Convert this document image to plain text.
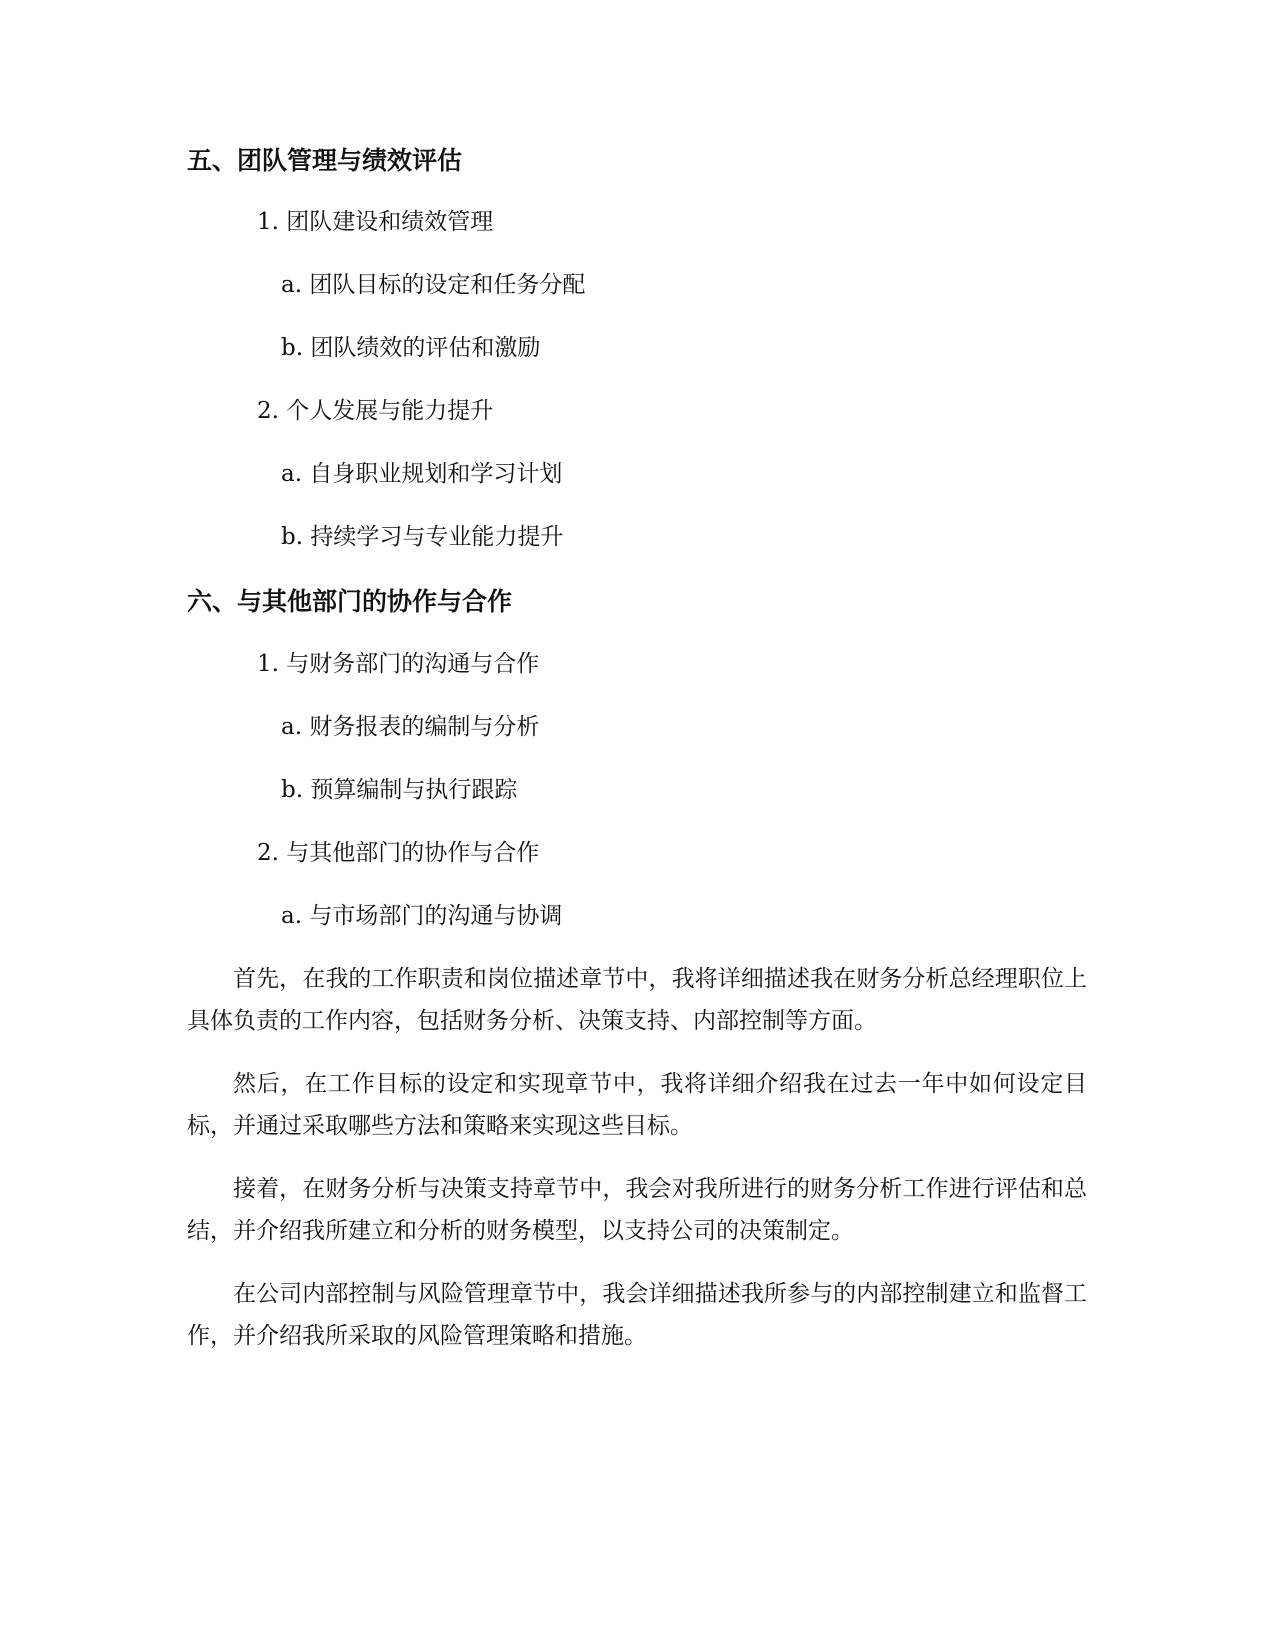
五、团队管理与绩效评估
1. 团队建设和绩效管理
a. 团队目标的设定和任务分配
b. 团队绩效的评估和激励
2. 个人发展与能力提升
a. 自身职业规划和学习计划
b. 持续学习与专业能力提升
六、与其他部门的协作与合作
1. 与财务部门的沟通与合作
a. 财务报表的编制与分析
b. 预算编制与执行跟踪
2. 与其他部门的协作与合作
a. 与市场部门的沟通与协调
首先，在我的工作职责和岗位描述章节中，我将详细描述我在财务分析总经理职位上具体负责的工作内容，包括财务分析、决策支持、内部控制等方面。
然后，在工作目标的设定和实现章节中，我将详细介绍我在过去一年中如何设定目标，并通过采取哪些方法和策略来实现这些目标。
接着，在财务分析与决策支持章节中，我会对我所进行的财务分析工作进行评估和总结，并介绍我所建立和分析的财务模型，以支持公司的决策制定。
在公司内部控制与风险管理章节中，我会详细描述我所参与的内部控制建立和监督工作，并介绍我所采取的风险管理策略和措施。
